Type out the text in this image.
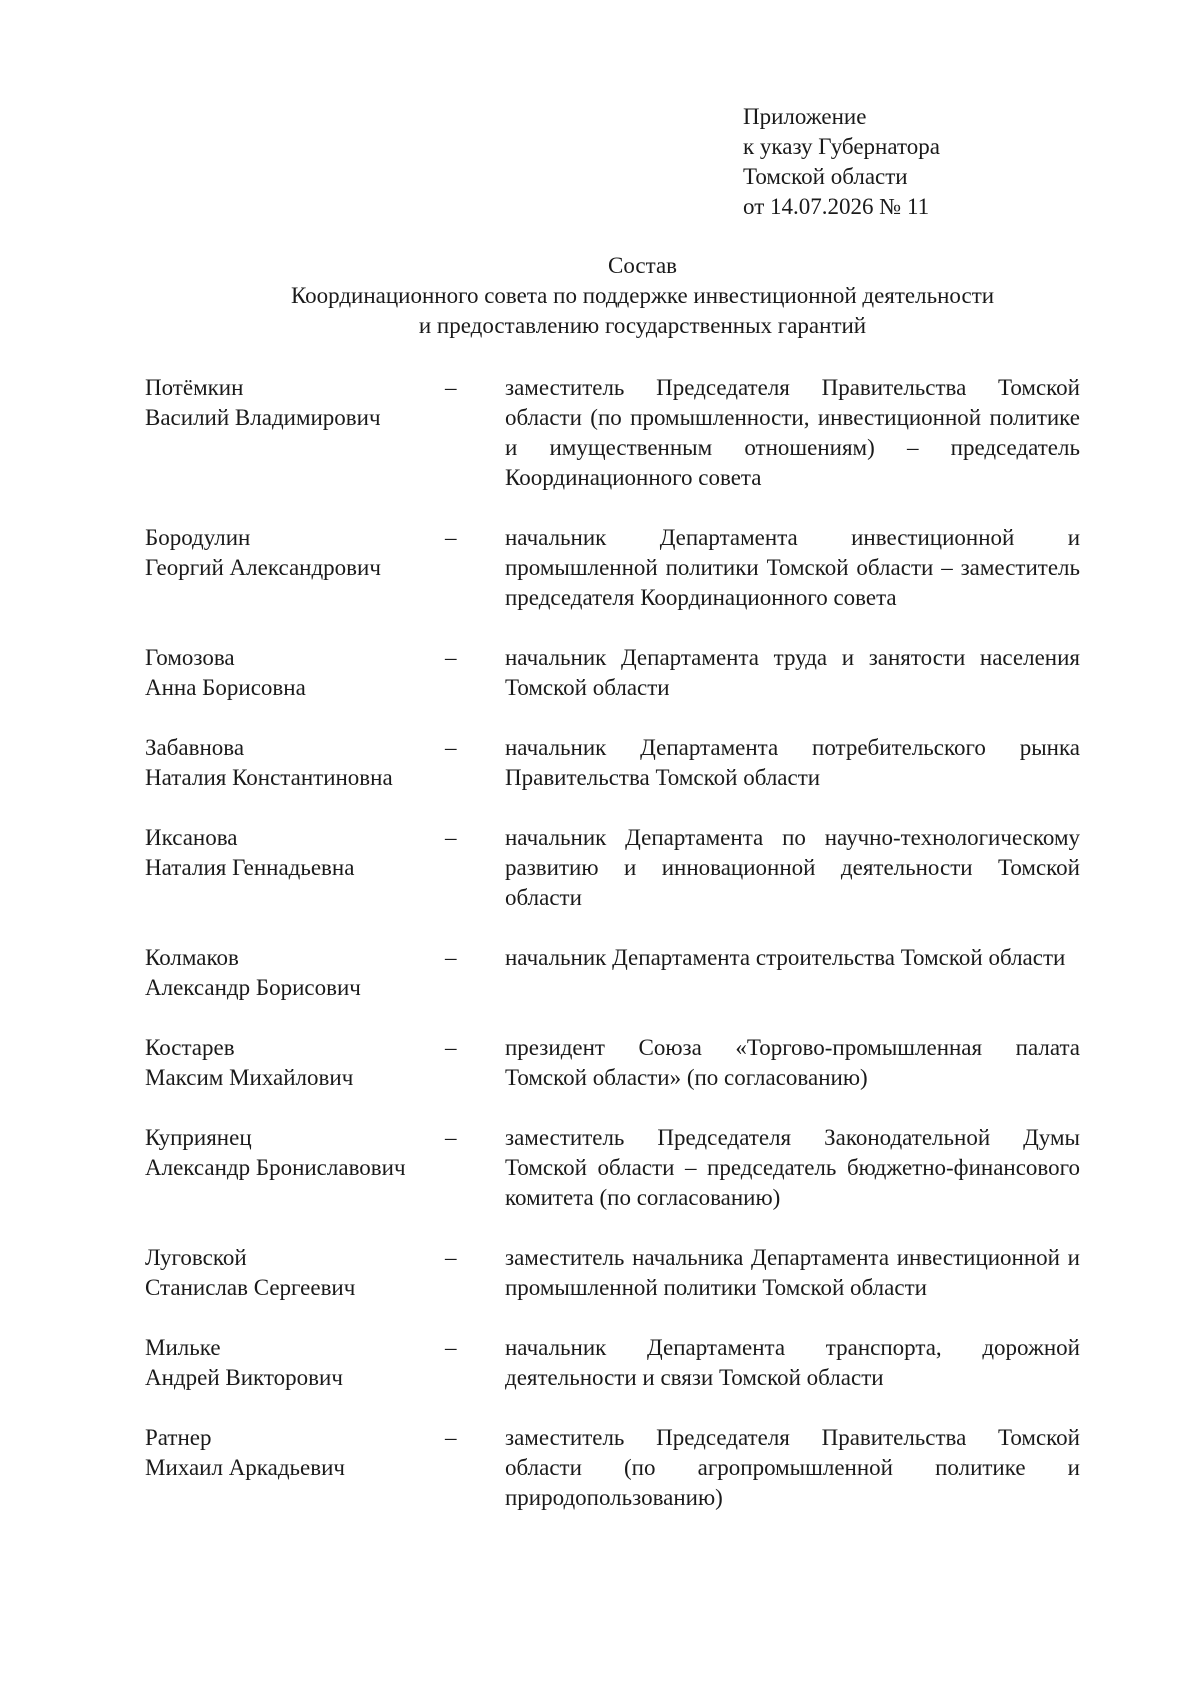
Приложение
к указу Губернатора
Томской области
от 14.07.2026 № 11
Состав
Координационного совета по поддержке инвестиционной деятельности
и предоставлению государственных гарантий
Потёмкин
Василий Владимирович
–	заместитель Председателя Правительства Томской области (по промышленности, инвестиционной политике и имущественным отношениям) – председатель Координационного совета
Бородулин
Георгий Александрович
–	начальник Департамента инвестиционной и промышленной политики Томской области – заместитель председателя Координационного совета
Гомозова
Анна Борисовна
–	начальник Департамента труда и занятости населения Томской области
Забавнова
Наталия Константиновна
–	начальник Департамента потребительского рынка Правительства Томской области
Иксанова
Наталия Геннадьевна
–	начальник Департамента по научно-технологическому развитию и инновационной деятельности Томской области
Колмаков
Александр Борисович
–	начальник Департамента строительства Томской области
Костарев
Максим Михайлович
–	президент Союза «Торгово-промышленная палата Томской области» (по согласованию)
Куприянец
Александр Брониславович
–	заместитель Председателя Законодательной Думы Томской области – председатель бюджетно-финансового комитета (по согласованию)
Луговской
Станислав Сергеевич
–	заместитель начальника Департамента инвестиционной и промышленной политики Томской области
Мильке
Андрей Викторович
–	начальник Департамента транспорта, дорожной деятельности и связи Томской области
Ратнер
Михаил Аркадьевич
–	заместитель Председателя Правительства Томской области (по агропромышленной политике и природопользованию)
